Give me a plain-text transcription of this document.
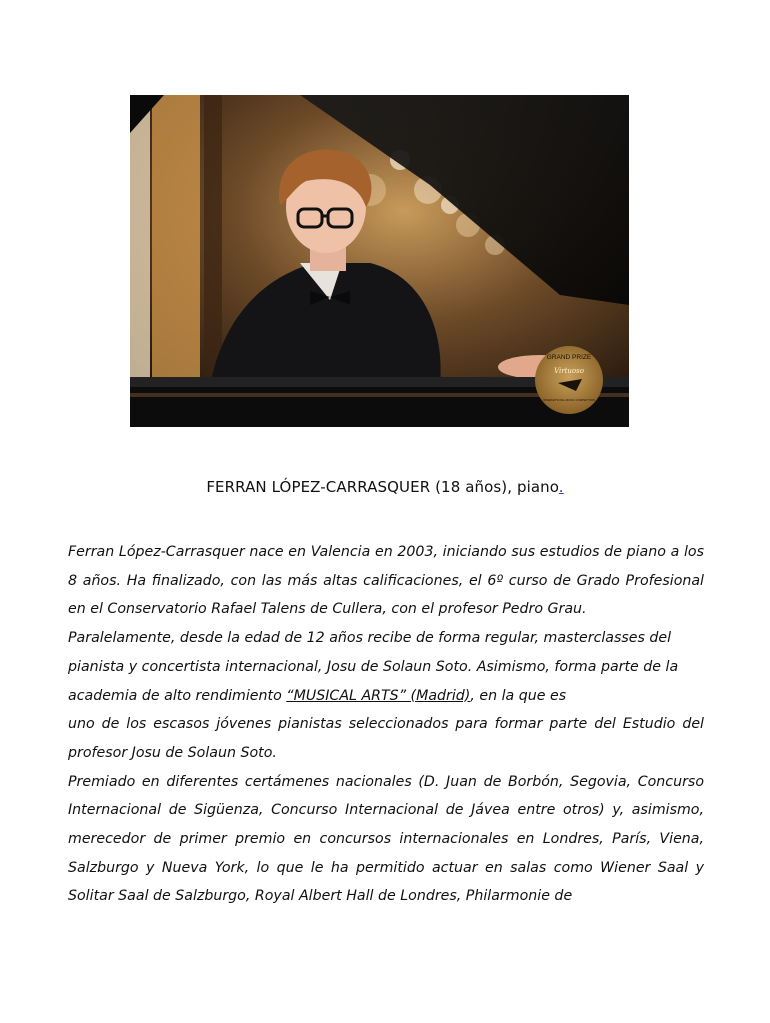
GRAND PRIZE
Virtuoso
INTERNATIONAL MUSIC COMPETITION
FERRAN LÓPEZ-CARRASQUER (18 años), piano.

Ferran López-Carrasquer nace en Valencia en 2003, iniciando sus estudios de piano a los 8 años. Ha finalizado, con las más altas calificaciones, el 6º curso de Grado Profesional en el Conservatorio Rafael Talens de Cullera, con el profesor Pedro Grau.

Paralelamente, desde la edad de 12 años recibe de forma regular, masterclasses del pianista y concertista internacional, Josu de Solaun Soto. Asimismo, forma parte de la academia de alto rendimiento “MUSICAL ARTS” (Madrid), en la que es

uno de los escasos jóvenes pianistas seleccionados para formar parte del Estudio del profesor Josu de Solaun Soto.

Premiado en diferentes certámenes nacionales (D. Juan de Borbón, Segovia, Concurso Internacional de Sigüenza, Concurso Internacional de Jávea entre otros) y, asimismo, merecedor de primer premio en concursos internacionales en Londres, París, Viena, Salzburgo y Nueva York, lo que le ha permitido actuar en salas como Wiener Saal y Solitar Saal de Salzburgo, Royal Albert Hall de Londres, Philarmonie de
